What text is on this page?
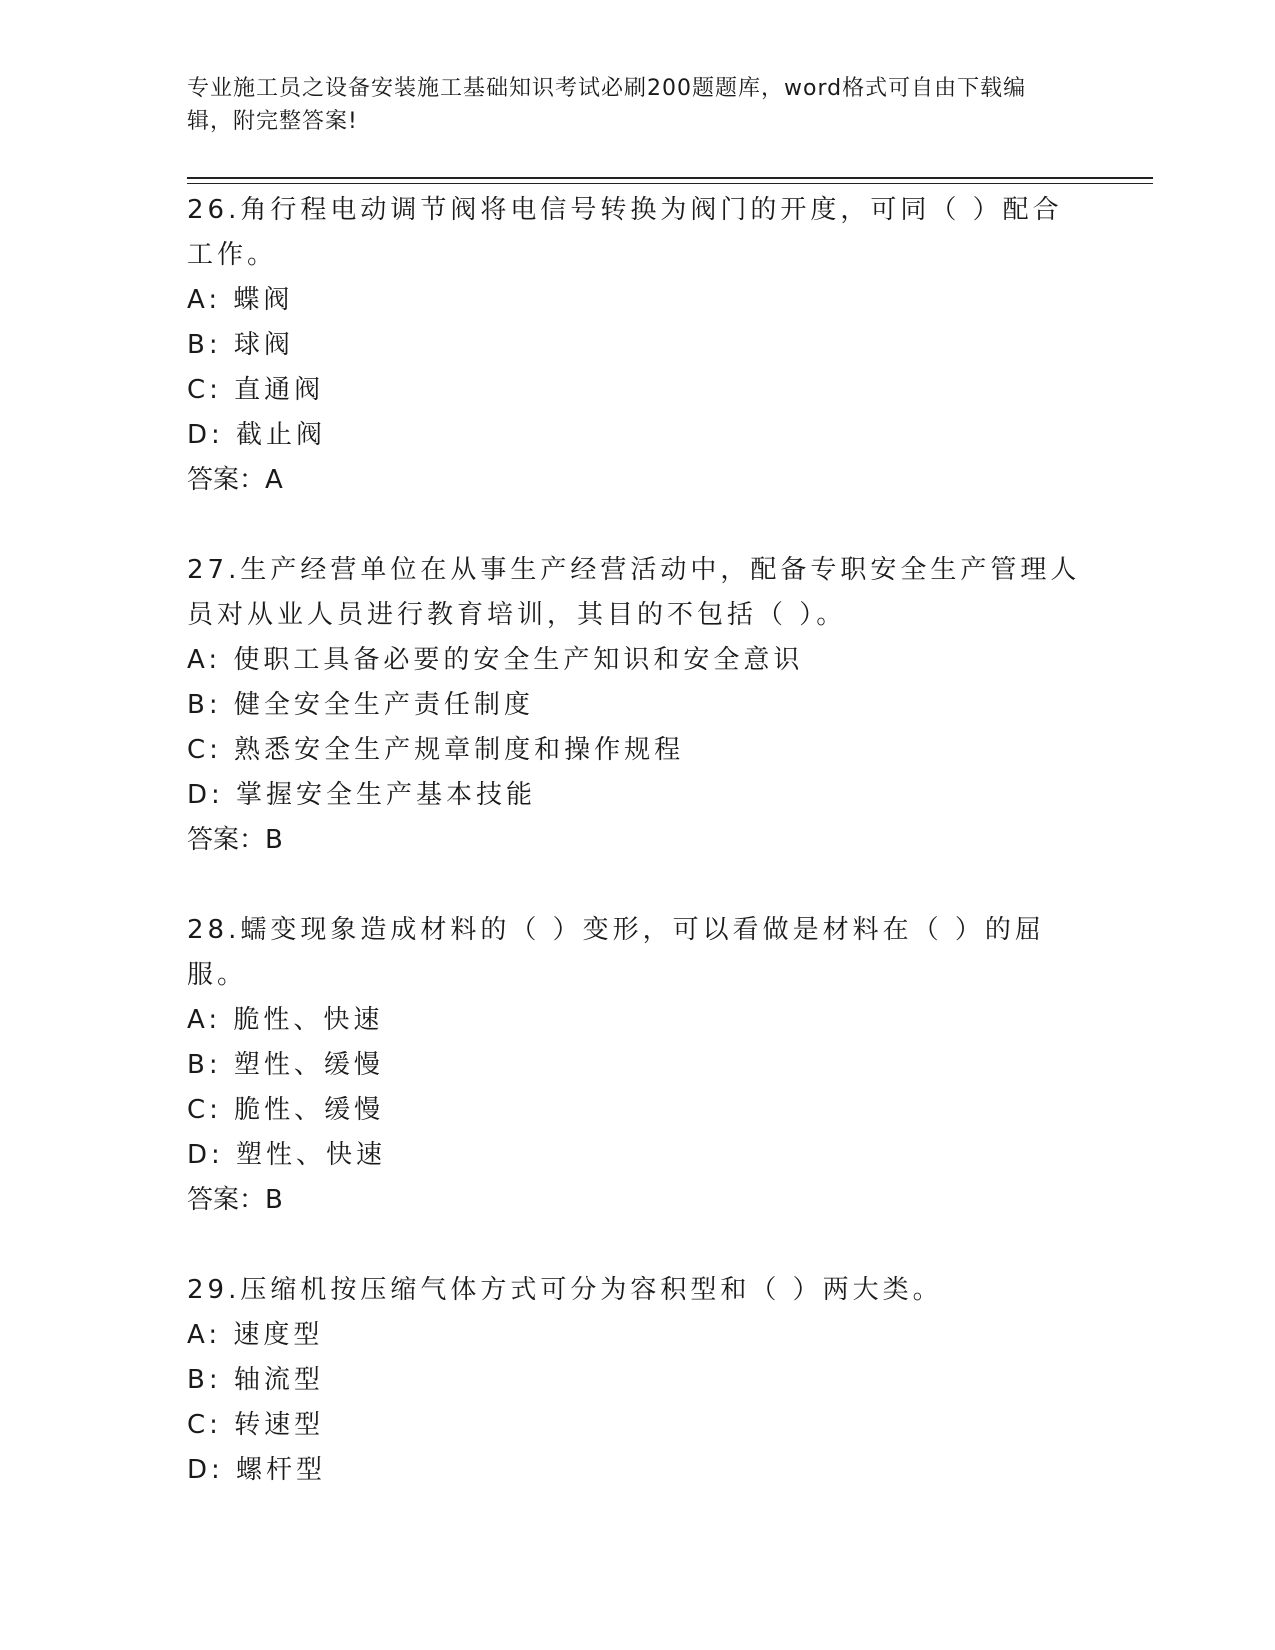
专业施工员之设备安装施工基础知识考试必刷200题题库，word格式可自由下载编辑，附完整答案!

26.角行程电动调节阀将电信号转换为阀门的开度，可同（ ）配合工作。

A: 蝶阀

B: 球阀

C: 直通阀

D: 截止阀

答案：A

27.生产经营单位在从事生产经营活动中，配备专职安全生产管理人员对从业人员进行教育培训，其目的不包括（ ）。

A: 使职工具备必要的安全生产知识和安全意识

B: 健全安全生产责任制度

C: 熟悉安全生产规章制度和操作规程

D: 掌握安全生产基本技能

答案：B

28.蠕变现象造成材料的（ ）变形，可以看做是材料在（ ）的屈服。

A: 脆性、快速

B: 塑性、缓慢

C: 脆性、缓慢

D: 塑性、快速

答案：B

29.压缩机按压缩气体方式可分为容积型和（ ）两大类。

A: 速度型

B: 轴流型

C: 转速型

D: 螺杆型
